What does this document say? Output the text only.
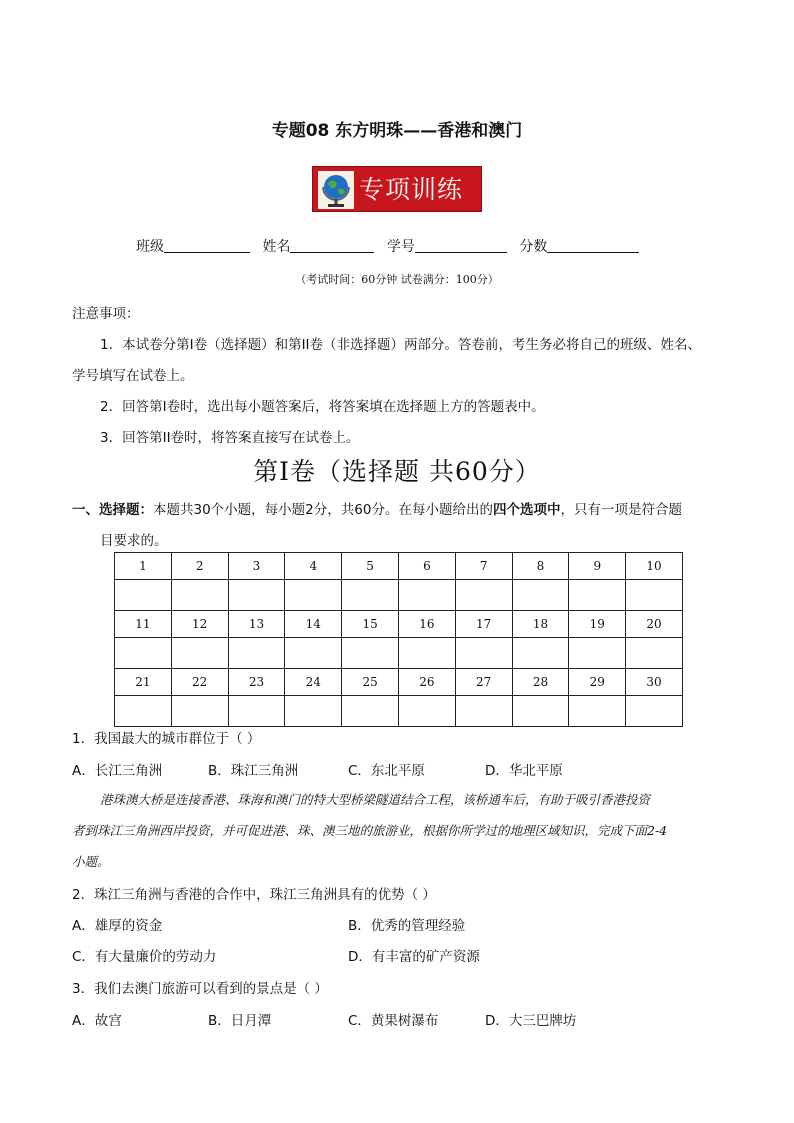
专题08 东方明珠——香港和澳门
专项训练
班级	姓名	学号	分数
（考试时间：60分钟 试卷满分：100分）
注意事项：
1．本试卷分第I卷（选择题）和第II卷（非选择题）两部分。答卷前，考生务必将自己的班级、姓名、
学号填写在试卷上。
2．回答第I卷时，选出每小题答案后，将答案填在选择题上方的答题表中。
3．回答第II卷时，将答案直接写在试卷上。
第I卷（选择题 共60分）
一、选择题：本题共30个小题，每小题2分，共60分。在每小题给出的四个选项中，只有一项是符合题
目要求的。
1	2	3	4	5	6	7	8	9	10

11	12	13	14	15	16	17	18	19	20

21	22	23	24	25	26	27	28	29	30

1．我国最大的城市群位于（ ）
A．长江三角洲	B．珠江三角洲	C．东北平原	D．华北平原
港珠澳大桥是连接香港、珠海和澳门的特大型桥梁隧道结合工程，该桥通车后，有助于吸引香港投资
者到珠江三角洲西岸投资，并可促进港、珠、澳三地的旅游业，根据你所学过的地理区域知识，完成下面2-4
小题。
2．珠江三角洲与香港的合作中，珠江三角洲具有的优势（ ）
A．雄厚的资金	B．优秀的管理经验
C．有大量廉价的劳动力	D．有丰富的矿产资源
3．我们去澳门旅游可以看到的景点是（ ）
A．故宫	B．日月潭	C．黄果树瀑布	D．大三巴牌坊
